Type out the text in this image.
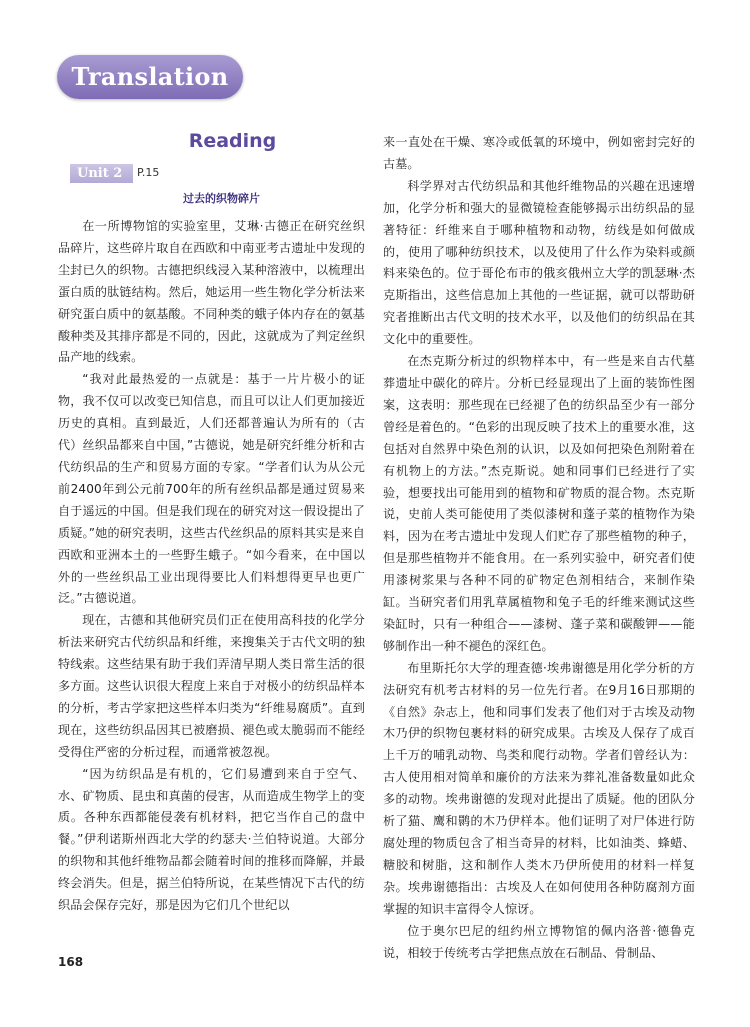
Translation
Reading
Unit 2	P.15
过去的织物碎片

在一所博物馆的实验室里，艾琳·古德正在研究丝织品碎片，这些碎片取自在西欧和中南亚考古遗址中发现的尘封已久的织物。古德把织线浸入某种溶液中，以梳理出蛋白质的肽链结构。然后，她运用一些生物化学分析法来研究蛋白质中的氨基酸。不同种类的蛾子体内存在的氨基酸种类及其排序都是不同的，因此，这就成为了判定丝织品产地的线索。

“我对此最热爱的一点就是：基于一片片极小的证物，我不仅可以改变已知信息，而且可以让人们更加接近历史的真相。直到最近，人们还都普遍认为所有的（古代）丝织品都来自中国，”古德说，她是研究纤维分析和古代纺织品的生产和贸易方面的专家。“学者们认为从公元前2400年到公元前700年的所有丝织品都是通过贸易来自于遥远的中国。但是我们现在的研究对这一假设提出了质疑。”她的研究表明，这些古代丝织品的原料其实是来自西欧和亚洲本土的一些野生蛾子。“如今看来，在中国以外的一些丝织品工业出现得要比人们料想得更早也更广泛。”古德说道。

现在，古德和其他研究员们正在使用高科技的化学分析法来研究古代纺织品和纤维，来搜集关于古代文明的独特线索。这些结果有助于我们弄清早期人类日常生活的很多方面。这些认识很大程度上来自于对极小的纺织品样本的分析，考古学家把这些样本归类为“纤维易腐质”。直到现在，这些纺织品因其已被磨损、褪色或太脆弱而不能经受得住严密的分析过程，而通常被忽视。

“因为纺织品是有机的，它们易遭到来自于空气、水、矿物质、昆虫和真菌的侵害，从而造成生物学上的变质。各种东西都能侵袭有机材料，把它当作自己的盘中餐。”伊利诺斯州西北大学的约瑟夫·兰伯特说道。大部分的织物和其他纤维物品都会随着时间的推移而降解，并最终会消失。但是，据兰伯特所说，在某些情况下古代的纺织品会保存完好，那是因为它们几个世纪以

来一直处在干燥、寒冷或低氧的环境中，例如密封完好的古墓。

科学界对古代纺织品和其他纤维物品的兴趣在迅速增加，化学分析和强大的显微镜检查能够揭示出纺织品的显著特征：纤维来自于哪种植物和动物，纺线是如何做成的，使用了哪种纺织技术，以及使用了什么作为染料或颜料来染色的。位于哥伦布市的俄亥俄州立大学的凯瑟琳·杰克斯指出，这些信息加上其他的一些证据，就可以帮助研究者推断出古代文明的技术水平，以及他们的纺织品在其文化中的重要性。

在杰克斯分析过的织物样本中，有一些是来自古代墓葬遗址中碳化的碎片。分析已经显现出了上面的装饰性图案，这表明：那些现在已经褪了色的纺织品至少有一部分曾经是着色的。“色彩的出现反映了技术上的重要水准，这包括对自然界中染色剂的认识，以及如何把染色剂附着在有机物上的方法。”杰克斯说。她和同事们已经进行了实验，想要找出可能用到的植物和矿物质的混合物。杰克斯说，史前人类可能使用了类似漆树和蓬子菜的植物作为染料，因为在考古遗址中发现人们贮存了那些植物的种子，但是那些植物并不能食用。在一系列实验中，研究者们使用漆树浆果与各种不同的矿物定色剂相结合，来制作染缸。当研究者们用乳草属植物和兔子毛的纤维来测试这些染缸时，只有一种组合——漆树、蓬子菜和碳酸钾——能够制作出一种不褪色的深红色。

布里斯托尔大学的理查德·埃弗谢德是用化学分析的方法研究有机考古材料的另一位先行者。在9月16日那期的《自然》杂志上，他和同事们发表了他们对于古埃及动物木乃伊的织物包裹材料的研究成果。古埃及人保存了成百上千万的哺乳动物、鸟类和爬行动物。学者们曾经认为：古人使用相对简单和廉价的方法来为葬礼准备数量如此众多的动物。埃弗谢德的发现对此提出了质疑。他的团队分析了猫、鹰和鹮的木乃伊样本。他们证明了对尸体进行防腐处理的物质包含了相当奇异的材料，比如油类、蜂蜡、糖胶和树脂，这和制作人类木乃伊所使用的材料一样复杂。埃弗谢德指出：古埃及人在如何使用各种防腐剂方面掌握的知识丰富得令人惊讶。

位于奥尔巴尼的纽约州立博物馆的佩内洛普·德鲁克说，相较于传统考古学把焦点放在石制品、骨制品、

168
